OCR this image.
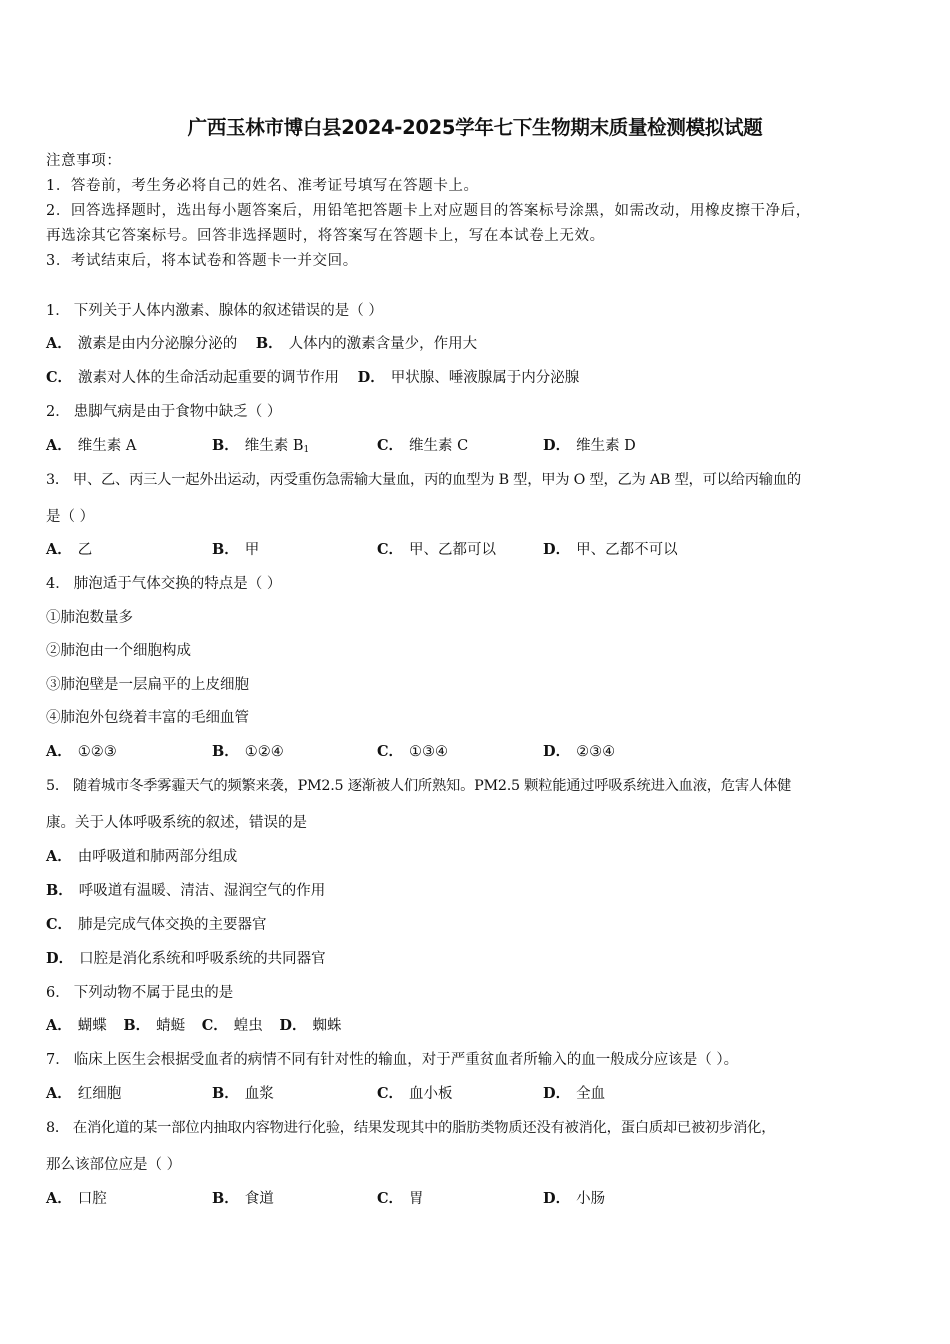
广西玉林市博白县2024-2025学年七下生物期末质量检测模拟试题
注意事项：
1．答卷前，考生务必将自己的姓名、准考证号填写在答题卡上。
2．回答选择题时，选出每小题答案后，用铅笔把答题卡上对应题目的答案标号涂黑，如需改动，用橡皮擦干净后，
再选涂其它答案标号。回答非选择题时，将答案写在答题卡上，写在本试卷上无效。
3．考试结束后，将本试卷和答题卡一并交回。
1． 下列关于人体内激素、腺体的叙述错误的是（ ）
A． 激素是由内分泌腺分泌的 B． 人体内的激素含量少，作用大
C． 激素对人体的生命活动起重要的调节作用 D． 甲状腺、唾液腺属于内分泌腺
2． 患脚气病是由于食物中缺乏（ ）
A． 维生素 A	B． 维生素 $B_1$	C． 维生素 C	D． 维生素 D
3． 甲、乙、丙三人一起外出运动，丙受重伤急需输大量血，丙的血型为 B 型，甲为 O 型，乙为 AB 型，可以给丙输血的
是（ ）
A． 乙	B． 甲	C． 甲、乙都可以	D． 甲、乙都不可以
4． 肺泡适于气体交换的特点是（ ）
①肺泡数量多
②肺泡由一个细胞构成
③肺泡壁是一层扁平的上皮细胞
④肺泡外包绕着丰富的毛细血管
A． ①②③	B． ①②④	C． ①③④	D． ②③④
5． 随着城市冬季雾霾天气的频繁来袭，PM2.5 逐渐被人们所熟知。PM2.5 颗粒能通过呼吸系统进入血液，危害人体健
康。关于人体呼吸系统的叙述，错误的是
A． 由呼吸道和肺两部分组成
B． 呼吸道有温暖、清洁、湿润空气的作用
C． 肺是完成气体交换的主要器官
D． 口腔是消化系统和呼吸系统的共同器官
6． 下列动物不属于昆虫的是
A． 蝴蝶 B． 蜻蜓 C． 蝗虫 D． 蜘蛛
7． 临床上医生会根据受血者的病情不同有针对性的输血，对于严重贫血者所输入的血一般成分应该是（ ）。
A． 红细胞	B． 血浆	C． 血小板	D． 全血
8． 在消化道的某一部位内抽取内容物进行化验，结果发现其中的脂肪类物质还没有被消化，蛋白质却已被初步消化，
那么该部位应是（ ）
A． 口腔	B． 食道	C． 胃	D． 小肠
